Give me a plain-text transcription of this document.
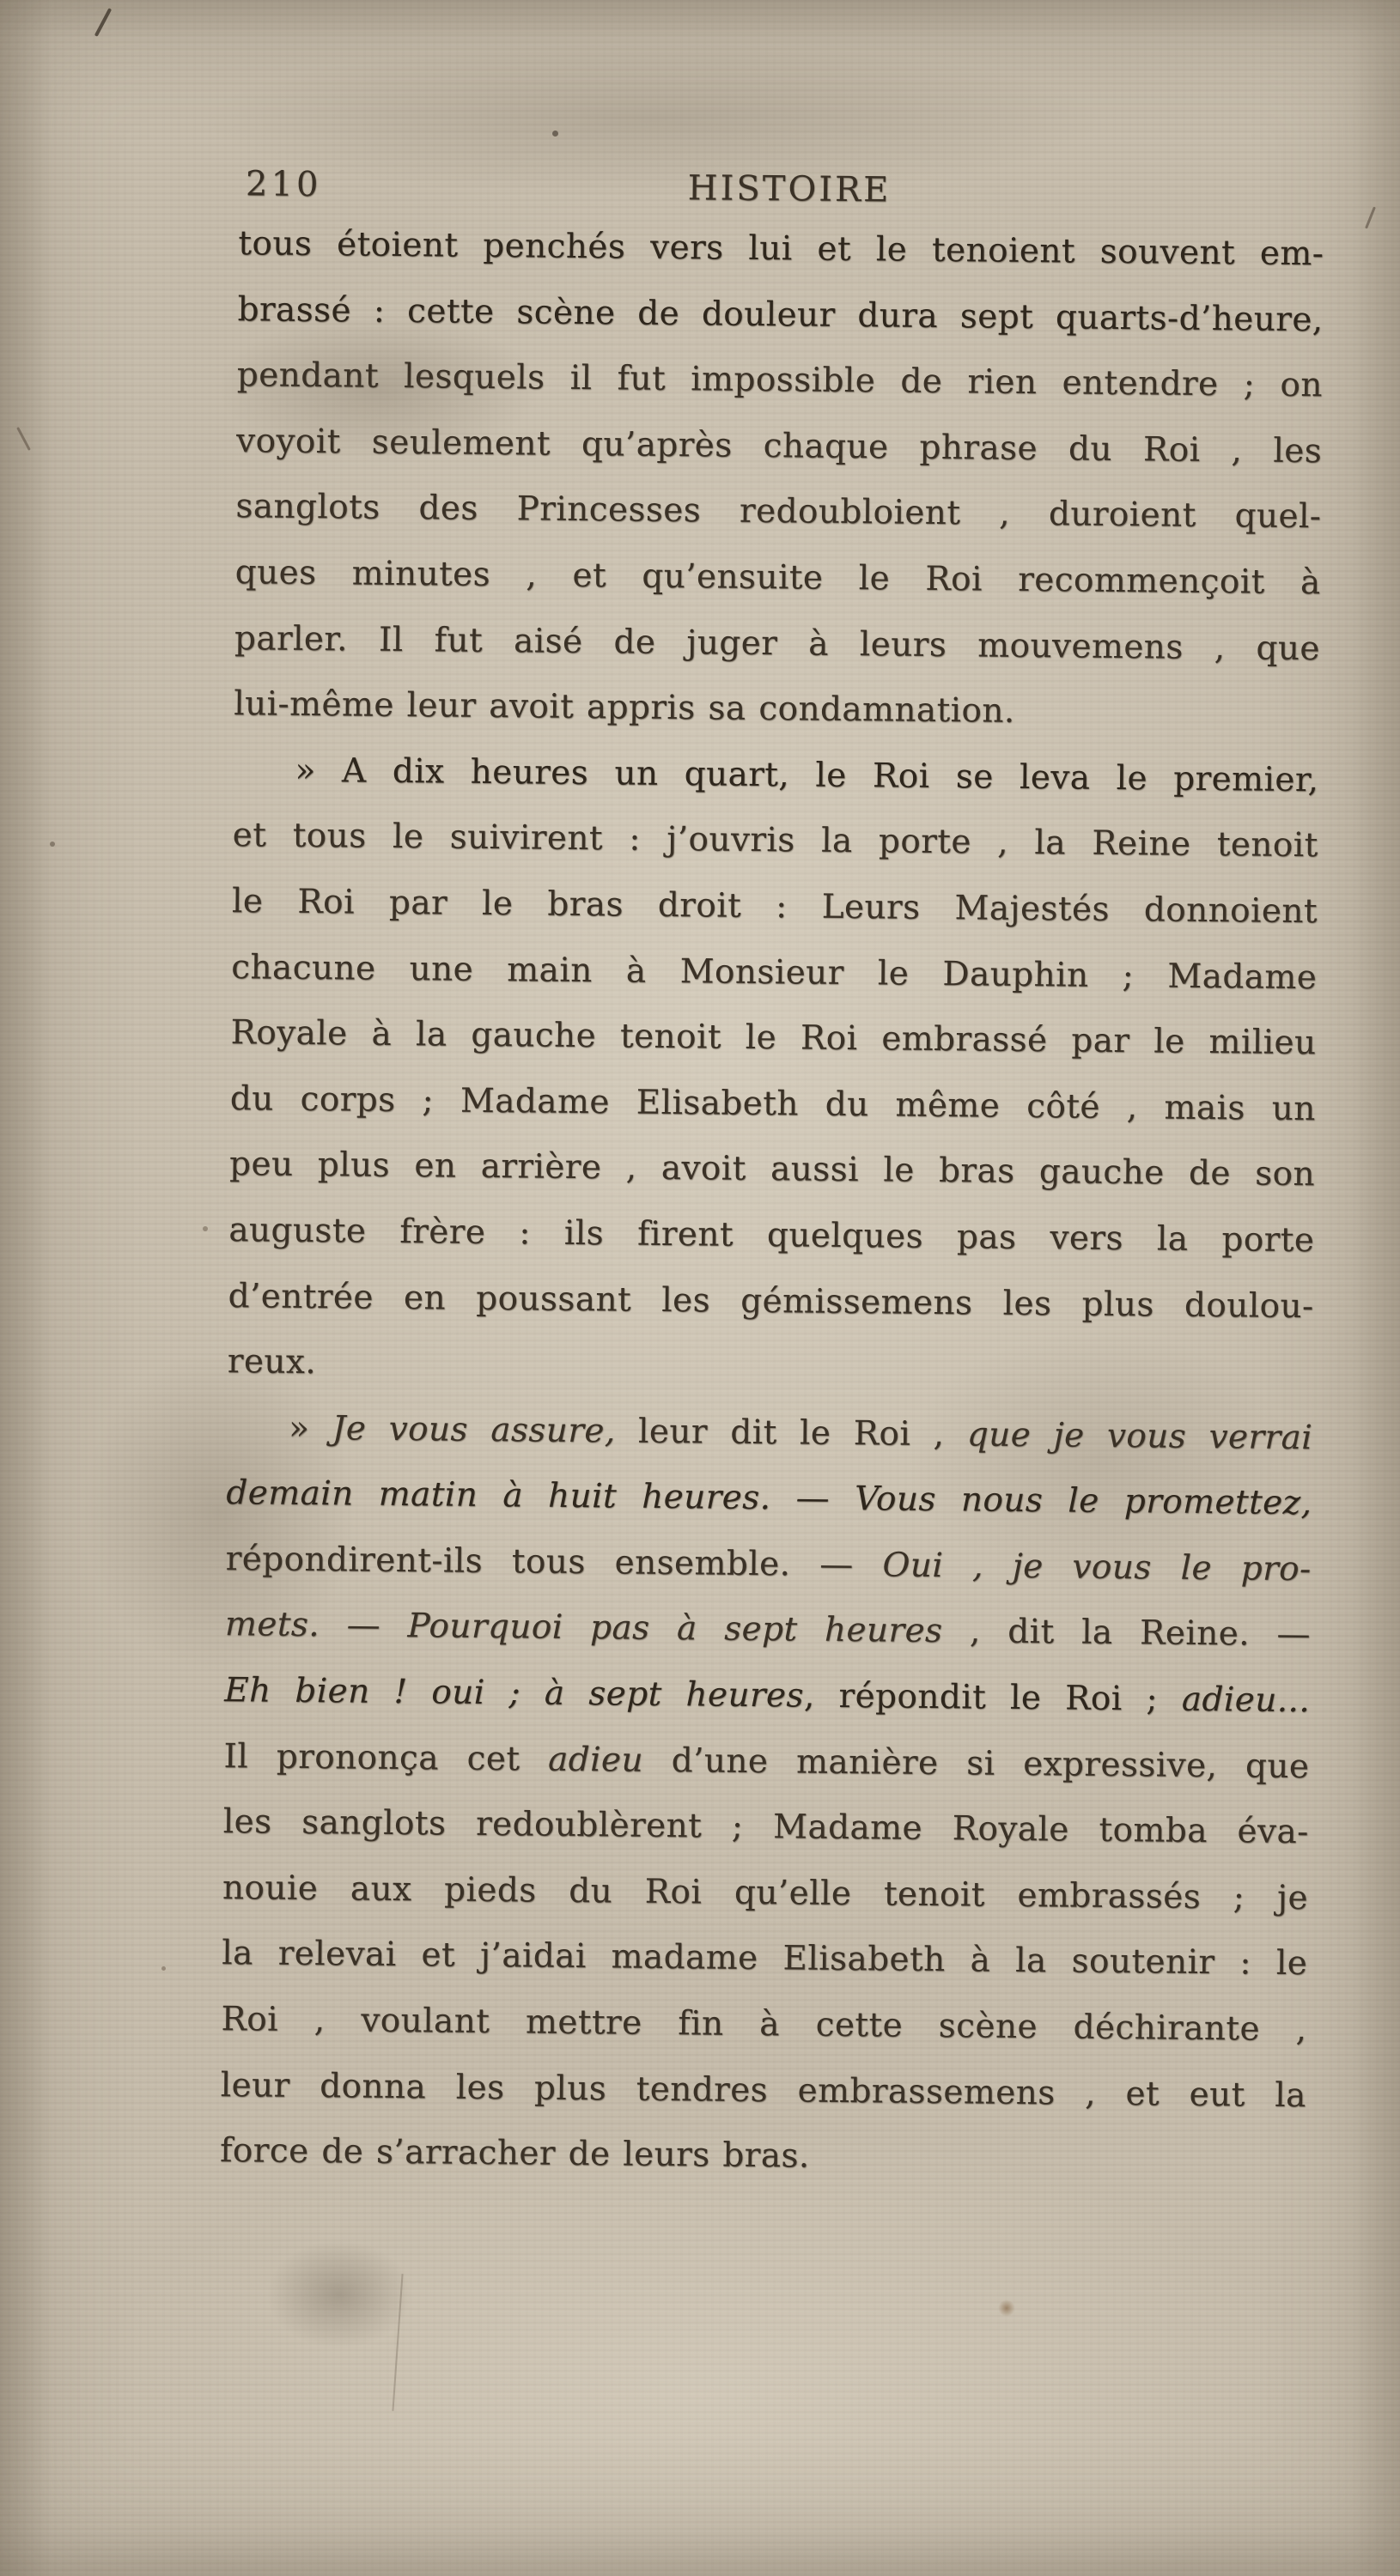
210	HISTOIRE
tous étoient penchés vers lui et le tenoient souvent em-
brassé : cette scène de douleur dura sept quarts-d’heure,
pendant lesquels il fut impossible de rien entendre ; on
voyoit seulement qu’après chaque phrase du Roi , les
sanglots des Princesses redoubloient , duroient quel-
ques minutes , et qu’ensuite le Roi recommençoit à
parler. Il fut aisé de juger à leurs mouvemens , que
lui-même leur avoit appris sa condamnation.
» A dix heures un quart, le Roi se leva le premier,
et tous le suivirent : j’ouvris la porte , la Reine tenoit
le Roi par le bras droit : Leurs Majestés donnoient
chacune une main à Monsieur le Dauphin ; Madame
Royale à la gauche tenoit le Roi embrassé par le milieu
du corps ; Madame Elisabeth du même côté , mais un
peu plus en arrière , avoit aussi le bras gauche de son
auguste frère : ils firent quelques pas vers la porte
d’entrée en poussant les gémissemens les plus doulou-
reux.
» Je vous assure, leur dit le Roi , que je vous verrai
demain matin à huit heures. — Vous nous le promettez,
répondirent-ils tous ensemble. — Oui , je vous le pro-
mets. — Pourquoi pas à sept heures , dit la Reine. —
Eh bien ! oui ; à sept heures, répondit le Roi ; adieu...
Il prononça cet adieu d’une manière si expressive, que
les sanglots redoublèrent ; Madame Royale tomba éva-
nouie aux pieds du Roi qu’elle tenoit embrassés ; je
la relevai et j’aidai madame Elisabeth à la soutenir : le
Roi , voulant mettre fin à cette scène déchirante ,
leur donna les plus tendres embrassemens , et eut la
force de s’arracher de leurs bras.
